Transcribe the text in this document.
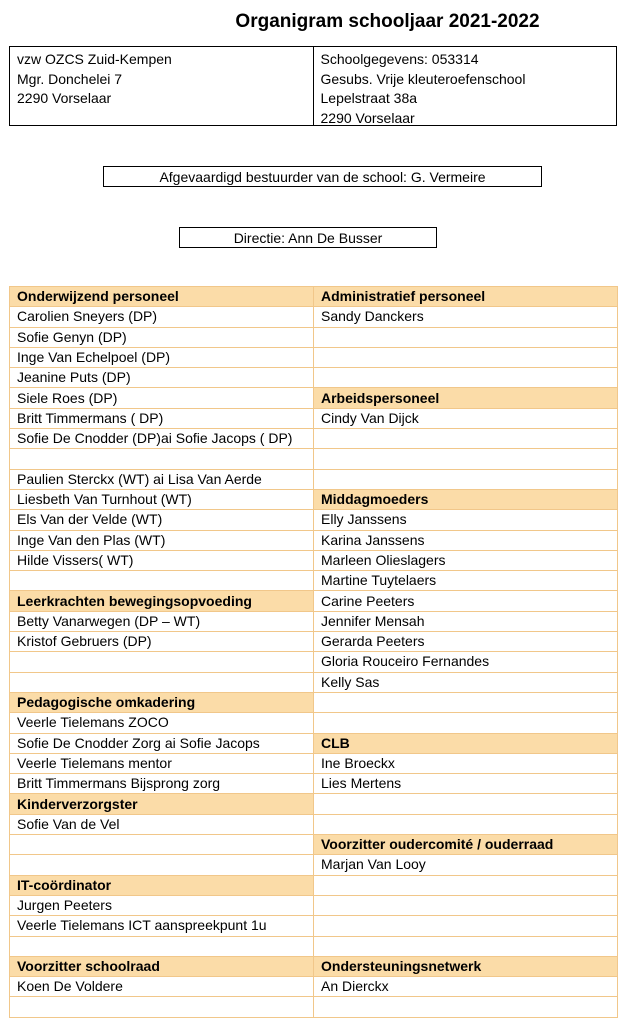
Organigram schooljaar 2021-2022
vzw OZCS Zuid-Kempen
Mgr. Donchelei 7
2290 Vorselaar
Schoolgegevens: 053314
Gesubs. Vrije kleuteroefenschool
Lepelstraat 38a
2290 Vorselaar
Afgevaardigd bestuurder van de school: G. Vermeire
Directie: Ann De Busser
Onderwijzend personeel	Administratief personeel
Carolien Sneyers (DP)	Sandy Danckers
Sofie Genyn (DP)	
Inge Van Echelpoel (DP)	
Jeanine Puts (DP)	
Siele Roes (DP)	Arbeidspersoneel
Britt Timmermans ( DP)	Cindy Van Dijck
Sofie De Cnodder (DP)ai Sofie Jacops ( DP)	

Paulien Sterckx (WT) ai Lisa Van Aerde	
Liesbeth Van Turnhout (WT)	Middagmoeders
Els Van der Velde (WT)	Elly Janssens
Inge Van den Plas (WT)	Karina Janssens
Hilde Vissers( WT)	Marleen Olieslagers
	Martine Tuytelaers
Leerkrachten bewegingsopvoeding	Carine Peeters
Betty Vanarwegen (DP – WT)	Jennifer Mensah
Kristof Gebruers (DP)	Gerarda Peeters
	Gloria Rouceiro Fernandes
	Kelly Sas
Pedagogische omkadering	
Veerle Tielemans ZOCO	
Sofie De Cnodder Zorg ai Sofie Jacops	CLB
Veerle Tielemans mentor	Ine Broeckx
Britt Timmermans Bijsprong zorg	Lies Mertens
Kinderverzorgster	
Sofie Van de Vel	
	Voorzitter oudercomité / ouderraad
	Marjan Van Looy
IT-coördinator	
Jurgen Peeters	
Veerle Tielemans ICT aanspreekpunt 1u	

Voorzitter schoolraad	Ondersteuningsnetwerk
Koen De Voldere	An Dierckx
